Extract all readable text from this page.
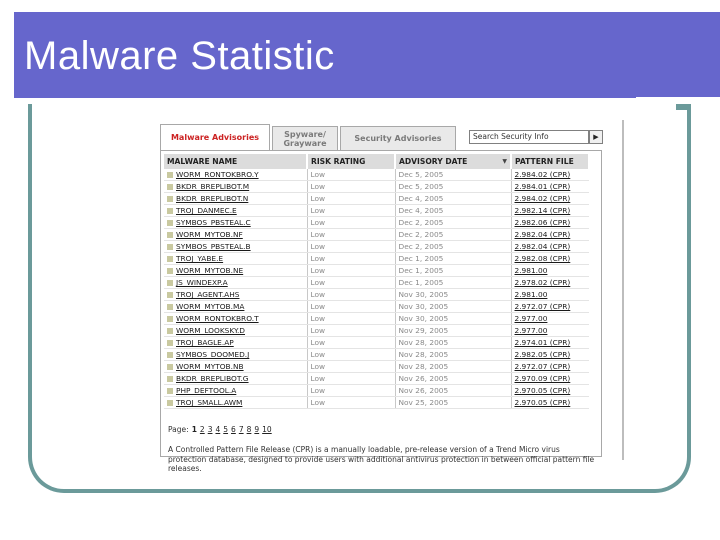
Malware Statistic
Malware Advisories	Spyware/ Grayware	Security Advisories	Search Security Info	▶
MALWARE NAME	RISK RATING	ADVISORY DATE ▼	PATTERN FILE
WORM_RONTOKBRO.Y	Low	Dec 5, 2005	2.984.02 (CPR)
BKDR_BREPLIBOT.M	Low	Dec 5, 2005	2.984.01 (CPR)
BKDR_BREPLIBOT.N	Low	Dec 4, 2005	2.984.02 (CPR)
TROJ_DANMEC.E	Low	Dec 4, 2005	2.982.14 (CPR)
SYMBOS_PBSTEAL.C	Low	Dec 2, 2005	2.982.06 (CPR)
WORM_MYTOB.NF	Low	Dec 2, 2005	2.982.04 (CPR)
SYMBOS_PBSTEAL.B	Low	Dec 2, 2005	2.982.04 (CPR)
TROJ_YABE.E	Low	Dec 1, 2005	2.982.08 (CPR)
WORM_MYTOB.NE	Low	Dec 1, 2005	2.981.00
JS_WINDEXP.A	Low	Dec 1, 2005	2.978.02 (CPR)
TROJ_AGENT.AHS	Low	Nov 30, 2005	2.981.00
WORM_MYTOB.MA	Low	Nov 30, 2005	2.972.07 (CPR)
WORM_RONTOKBRO.T	Low	Nov 30, 2005	2.977.00
WORM_LOOKSKY.D	Low	Nov 29, 2005	2.977.00
TROJ_BAGLE.AP	Low	Nov 28, 2005	2.974.01 (CPR)
SYMBOS_DOOMED.J	Low	Nov 28, 2005	2.982.05 (CPR)
WORM_MYTOB.NB	Low	Nov 28, 2005	2.972.07 (CPR)
BKDR_BREPLIBOT.G	Low	Nov 26, 2005	2.970.09 (CPR)
PHP_DEFTOOL.A	Low	Nov 26, 2005	2.970.05 (CPR)
TROJ_SMALL.AWM	Low	Nov 25, 2005	2.970.05 (CPR)
Page: 1 2 3 4 5 6 7 8 9 10
A Controlled Pattern File Release (CPR) is a manually loadable, pre-release version of a Trend Micro virus protection database, designed to provide users with additional antivirus protection in between official pattern file releases.
